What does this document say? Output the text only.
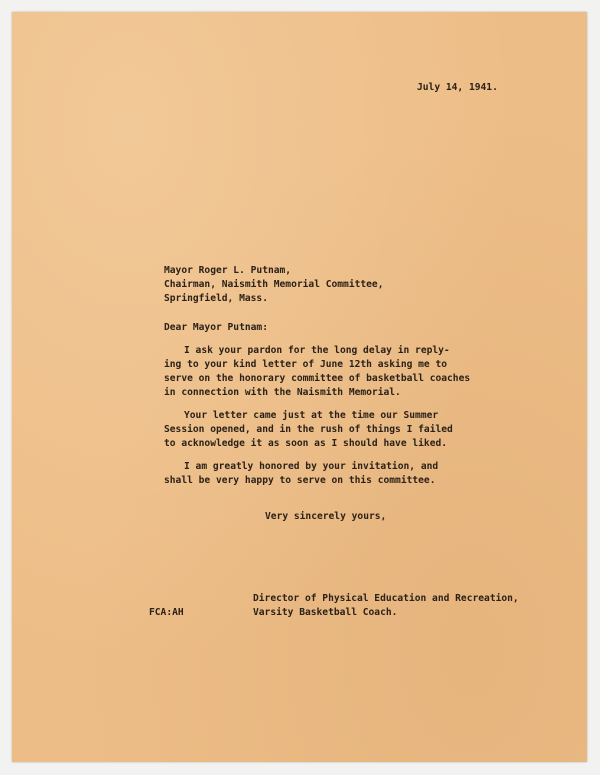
July 14, 1941.
Mayor Roger L. Putnam,
Chairman, Naismith Memorial Committee,
Springfield, Mass.
Dear Mayor Putnam:
I ask your pardon for the long delay in reply-
ing to your kind letter of June 12th asking me to
serve on the honorary committee of basketball coaches
in connection with the Naismith Memorial.
Your letter came just at the time our Summer
Session opened, and in the rush of things I failed
to acknowledge it as soon as I should have liked.
I am greatly honored by your invitation, and
shall be very happy to serve on this committee.
Very sincerely yours,
Director of Physical Education and Recreation,
Varsity Basketball Coach.
FCA:AH
